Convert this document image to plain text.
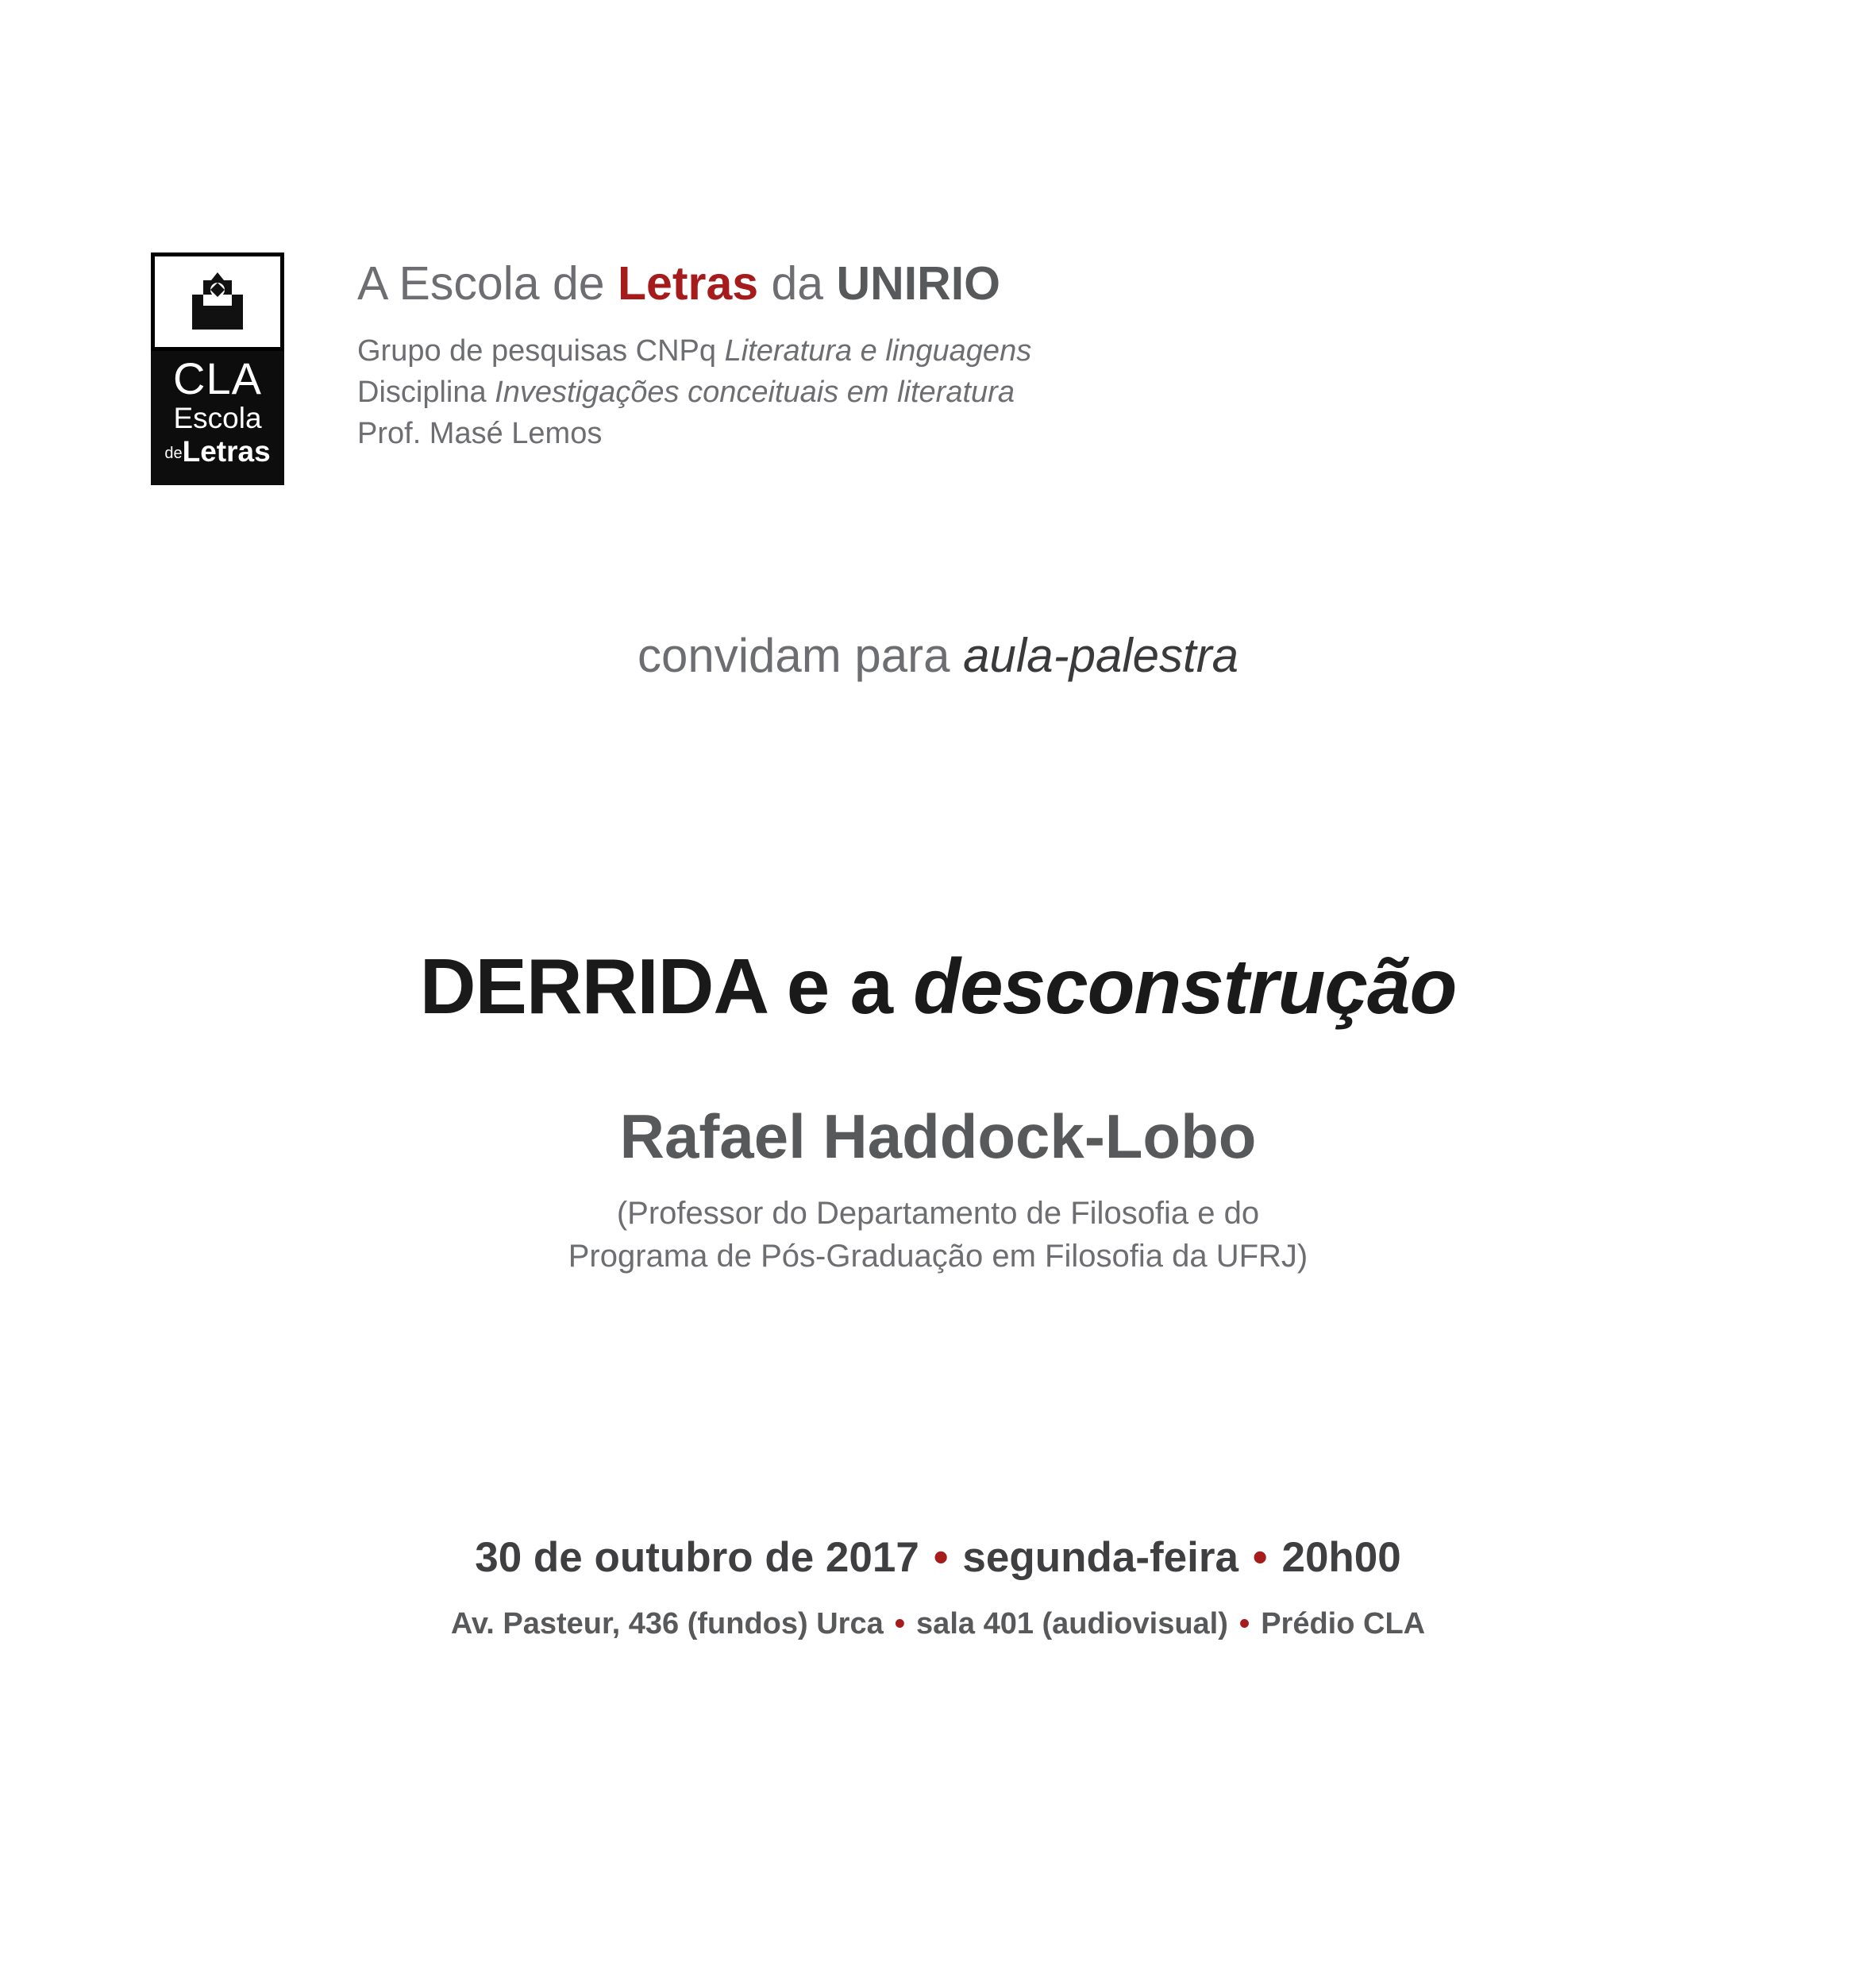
CLA
Escola
deLetras
A Escola de Letras da UNIRIO
Grupo de pesquisas CNPq Literatura e linguagens
Disciplina Investigações conceituais em literatura
Prof. Masé Lemos
convidam para aula-palestra
DERRIDA e a desconstrução
Rafael Haddock-Lobo
(Professor do Departamento de Filosofia e do
Programa de Pós-Graduação em Filosofia da UFRJ)
30 de outubro de 2017 • segunda-feira • 20h00
Av. Pasteur, 436 (fundos) Urca • sala 401 (audiovisual) • Prédio CLA
